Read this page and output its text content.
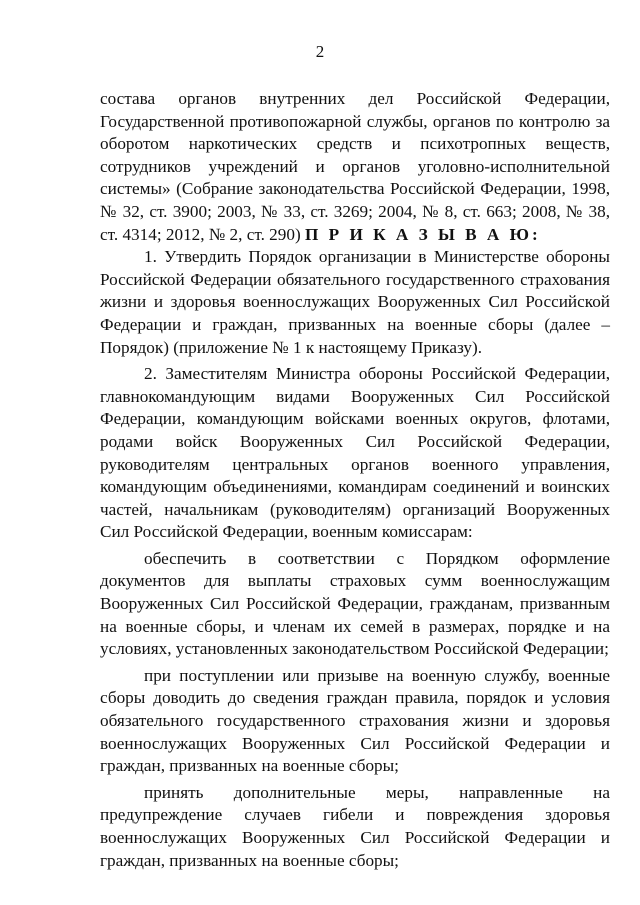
2

состава органов внутренних дел Российской Федерации, Государственной противопожарной службы, органов по контролю за оборотом наркотических средств и психотропных веществ, сотрудников учреждений и органов уголовно-исполнительной системы» (Собрание законодательства Российской Федерации, 1998, № 32, ст. 3900; 2003, № 33, ст. 3269; 2004, № 8, ст. 663; 2008, № 38, ст. 4314; 2012, № 2, ст. 290) П Р И К А З Ы В А Ю:

1. Утвердить Порядок организации в Министерстве обороны Российской Федерации обязательного государственного страхования жизни и здоровья военнослужащих Вооруженных Сил Российской Федерации и граждан, призванных на военные сборы (далее – Порядок) (приложение № 1 к настоящему Приказу).

2. Заместителям Министра обороны Российской Федерации, главнокомандующим видами Вооруженных Сил Российской Федерации, командующим войсками военных округов, флотами, родами войск Вооруженных Сил Российской Федерации, руководителям центральных органов военного управления, командующим объединениями, командирам соединений и воинских частей, начальникам (руководителям) организаций Вооруженных Сил Российской Федерации, военным комиссарам:

обеспечить в соответствии с Порядком оформление документов для выплаты страховых сумм военнослужащим Вооруженных Сил Российской Федерации, гражданам, призванным на военные сборы, и членам их семей в размерах, порядке и на условиях, установленных законодательством Российской Федерации;

при поступлении или призыве на военную службу, военные сборы доводить до сведения граждан правила, порядок и условия обязательного государственного страхования жизни и здоровья военнослужащих Вооруженных Сил Российской Федерации и граждан, призванных на военные сборы;

принять дополнительные меры, направленные на предупреждение случаев гибели и повреждения здоровья военнослужащих Вооруженных Сил Российской Федерации и граждан, призванных на военные сборы;
